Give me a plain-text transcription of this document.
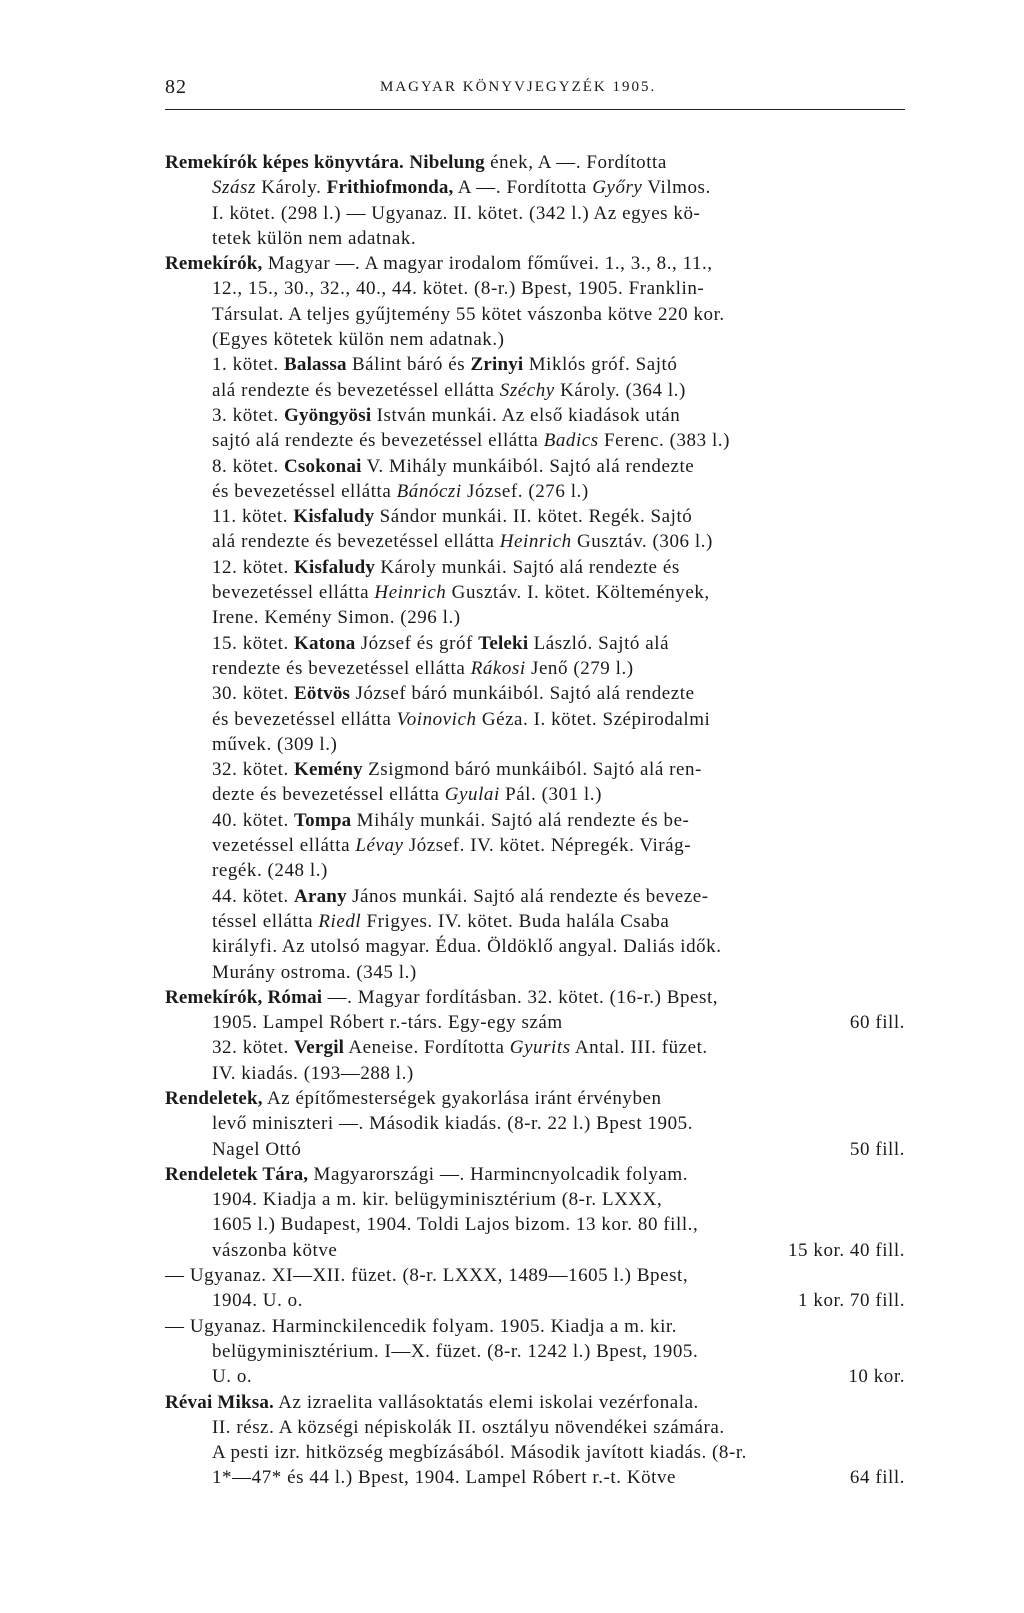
82	MAGYAR KÖNYVJEGYZÉK 1905.
Remekírók képes könyvtára. Nibelung ének, A —. Fordította
Szász Károly. Frithiofmonda, A —. Fordította Győry Vilmos.
I. kötet. (298 l.) — Ugyanaz. II. kötet. (342 l.) Az egyes kö-
tetek külön nem adatnak.
Remekírók, Magyar —. A magyar irodalom főművei. 1., 3., 8., 11.,
12., 15., 30., 32., 40., 44. kötet. (8-r.) Bpest, 1905. Franklin-
Társulat. A teljes gyűjtemény 55 kötet vászonba kötve 220 kor.
(Egyes kötetek külön nem adatnak.)
1. kötet. Balassa Bálint báró és Zrinyi Miklós gróf. Sajtó
alá rendezte és bevezetéssel ellátta Széchy Károly. (364 l.)
3. kötet. Gyöngyösi István munkái. Az első kiadások után
sajtó alá rendezte és bevezetéssel ellátta Badics Ferenc. (383 l.)
8. kötet. Csokonai V. Mihály munkáiból. Sajtó alá rendezte
és bevezetéssel ellátta Bánóczi József. (276 l.)
11. kötet. Kisfaludy Sándor munkái. II. kötet. Regék. Sajtó
alá rendezte és bevezetéssel ellátta Heinrich Gusztáv. (306 l.)
12. kötet. Kisfaludy Károly munkái. Sajtó alá rendezte és
bevezetéssel ellátta Heinrich Gusztáv. I. kötet. Költemények,
Irene. Kemény Simon. (296 l.)
15. kötet. Katona József és gróf Teleki László. Sajtó alá
rendezte és bevezetéssel ellátta Rákosi Jenő (279 l.)
30. kötet. Eötvös József báró munkáiból. Sajtó alá rendezte
és bevezetéssel ellátta Voinovich Géza. I. kötet. Szépirodalmi
művek. (309 l.)
32. kötet. Kemény Zsigmond báró munkáiból. Sajtó alá ren-
dezte és bevezetéssel ellátta Gyulai Pál. (301 l.)
40. kötet. Tompa Mihály munkái. Sajtó alá rendezte és be-
vezetéssel ellátta Lévay József. IV. kötet. Népregék. Virág-
regék. (248 l.)
44. kötet. Arany János munkái. Sajtó alá rendezte és beveze-
téssel ellátta Riedl Frigyes. IV. kötet. Buda halála Csaba
királyfi. Az utolsó magyar. Édua. Öldöklő angyal. Daliás idők.
Murány ostroma. (345 l.)
Remekírók, Római —. Magyar fordításban. 32. kötet. (16-r.) Bpest,
1905. Lampel Róbert r.-társ. Egy-egy szám	60 fill.
32. kötet. Vergil Aeneise. Fordította Gyurits Antal. III. füzet.
IV. kiadás. (193—288 l.)
Rendeletek, Az építőmesterségek gyakorlása iránt érvényben
levő miniszteri —. Második kiadás. (8-r. 22 l.) Bpest 1905.
Nagel Ottó	50 fill.
Rendeletek Tára, Magyarországi —. Harmincnyolcadik folyam.
1904. Kiadja a m. kir. belügyminisztérium (8-r. LXXX,
1605 l.) Budapest, 1904. Toldi Lajos bizom. 13 kor. 80 fill.,
vászonba kötve	15 kor. 40 fill.
— Ugyanaz. XI—XII. füzet. (8-r. LXXX, 1489—1605 l.) Bpest,
1904. U. o.	1 kor. 70 fill.
— Ugyanaz. Harminckilencedik folyam. 1905. Kiadja a m. kir.
belügyminisztérium. I—X. füzet. (8-r. 1242 l.) Bpest, 1905.
U. o.	10 kor.
Révai Miksa. Az izraelita vallásoktatás elemi iskolai vezérfonala.
II. rész. A községi népiskolák II. osztályu növendékei számára.
A pesti izr. hitközség megbízásából. Második javított kiadás. (8-r.
1*—47* és 44 l.) Bpest, 1904. Lampel Róbert r.-t. Kötve	64 fill.
